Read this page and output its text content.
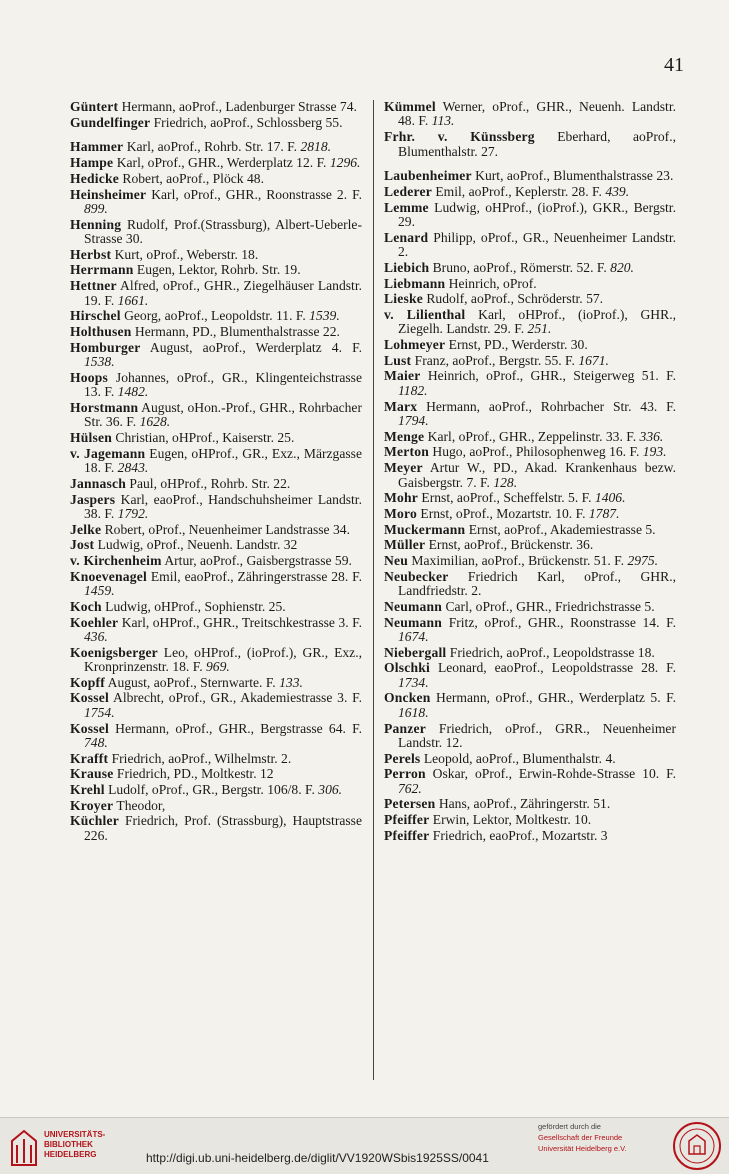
41
Güntert Hermann, aoProf., Ladenburger Strasse 74.
Gundelfinger Friedrich, aoProf., Schlossberg 55.
Hammer Karl, aoProf., Rohrb. Str. 17. F. 2818.
Hampe Karl, oProf., GHR., Werderplatz 12. F. 1296.
Hedicke Robert, aoProf., Plöck 48.
Heinsheimer Karl, oProf., GHR., Roonstrasse 2. F. 899.
Henning Rudolf, Prof.(Strassburg), Albert-Ueberle-Strasse 30.
Herbst Kurt, oProf., Weberstr. 18.
Herrmann Eugen, Lektor, Rohrb. Str. 19.
Hettner Alfred, oProf., GHR., Ziegelhäuser Landstr. 19. F. 1661.
Hirschel Georg, aoProf., Leopoldstr. 11. F. 1539.
Holthusen Hermann, PD., Blumenthalstrasse 22.
Homburger August, aoProf., Werderplatz 4. F. 1538.
Hoops Johannes, oProf., GR., Klingenteichstrasse 13. F. 1482.
Horstmann August, oHon.-Prof., GHR., Rohrbacher Str. 36. F. 1628.
Hülsen Christian, oHProf., Kaiserstr. 25.
v. Jagemann Eugen, oHProf., GR., Exz., Märzgasse 18. F. 2843.
Jannasch Paul, oHProf., Rohrb. Str. 22.
Jaspers Karl, eaoProf., Handschuhsheimer Landstr. 38. F. 1792.
Jelke Robert, oProf., Neuenheimer Landstrasse 34.
Jost Ludwig, oProf., Neuenh. Landstr. 32
v. Kirchenheim Artur, aoProf., Gaisbergstrasse 59.
Knoevenagel Emil, eaoProf., Zähringerstrasse 28. F. 1459.
Koch Ludwig, oHProf., Sophienstr. 25.
Koehler Karl, oHProf., GHR., Treitschkestrasse 3. F. 436.
Koenigsberger Leo, oHProf., (ioProf.), GR., Exz., Kronprinzenstr. 18. F. 969.
Kopff August, aoProf., Sternwarte. F. 133.
Kossel Albrecht, oProf., GR., Akademiestrasse 3. F. 1754.
Kossel Hermann, oProf., GHR., Bergstrasse 64. F. 748.
Krafft Friedrich, aoProf., Wilhelmstr. 2.
Krause Friedrich, PD., Moltkestr. 12
Krehl Ludolf, oProf., GR., Bergstr. 106/8. F. 306.
Kroyer Theodor,
Küchler Friedrich, Prof. (Strassburg), Hauptstrasse 226.
Kümmel Werner, oProf., GHR., Neuenh. Landstr. 48. F. 113.
Frhr. v. Künssberg Eberhard, aoProf., Blumenthalstr. 27.
Laubenheimer Kurt, aoProf., Blumenthalstrasse 23.
Lederer Emil, aoProf., Keplerstr. 28. F. 439.
Lemme Ludwig, oHProf., (ioProf.), GKR., Bergstr. 29.
Lenard Philipp, oProf., GR., Neuenheimer Landstr. 2.
Liebich Bruno, aoProf., Römerstr. 52. F. 820.
Liebmann Heinrich, oProf.
Lieske Rudolf, aoProf., Schröderstr. 57.
v. Lilienthal Karl, oHProf., (ioProf.), GHR., Ziegelh. Landstr. 29. F. 251.
Lohmeyer Ernst, PD., Werderstr. 30.
Lust Franz, aoProf., Bergstr. 55. F. 1671.
Maier Heinrich, oProf., GHR., Steigerweg 51. F. 1182.
Marx Hermann, aoProf., Rohrbacher Str. 43. F. 1794.
Menge Karl, oProf., GHR., Zeppelinstr. 33. F. 336.
Merton Hugo, aoProf., Philosophenweg 16. F. 193.
Meyer Artur W., PD., Akad. Krankenhaus bezw. Gaisbergstr. 7. F. 128.
Mohr Ernst, aoProf., Scheffelstr. 5. F. 1406.
Moro Ernst, oProf., Mozartstr. 10. F. 1787.
Muckermann Ernst, aoProf., Akademiestrasse 5.
Müller Ernst, aoProf., Brückenstr. 36.
Neu Maximilian, aoProf., Brückenstr. 51. F. 2975.
Neubecker Friedrich Karl, oProf., GHR., Landfriedstr. 2.
Neumann Carl, oProf., GHR., Friedrichstrasse 5.
Neumann Fritz, oProf., GHR., Roonstrasse 14. F. 1674.
Niebergall Friedrich, aoProf., Leopoldstrasse 18.
Olschki Leonard, eaoProf., Leopoldstrasse 28. F. 1734.
Oncken Hermann, oProf., GHR., Werderplatz 5. F. 1618.
Panzer Friedrich, oProf., GRR., Neuenheimer Landstr. 12.
Perels Leopold, aoProf., Blumenthalstr. 4.
Perron Oskar, oProf., Erwin-Rohde-Strasse 10. F. 762.
Petersen Hans, aoProf., Zähringerstr. 51.
Pfeiffer Erwin, Lektor, Moltkestr. 10.
Pfeiffer Friedrich, eaoProf., Mozartstr. 3
UNIVERSITÄTS-
BIBLIOTHEK
HEIDELBERG	http://digi.ub.uni-heidelberg.de/diglit/VV1920WSbis1925SS/0041
gefördert durch die
Gesellschaft der Freunde
Universität Heidelberg e.V.
